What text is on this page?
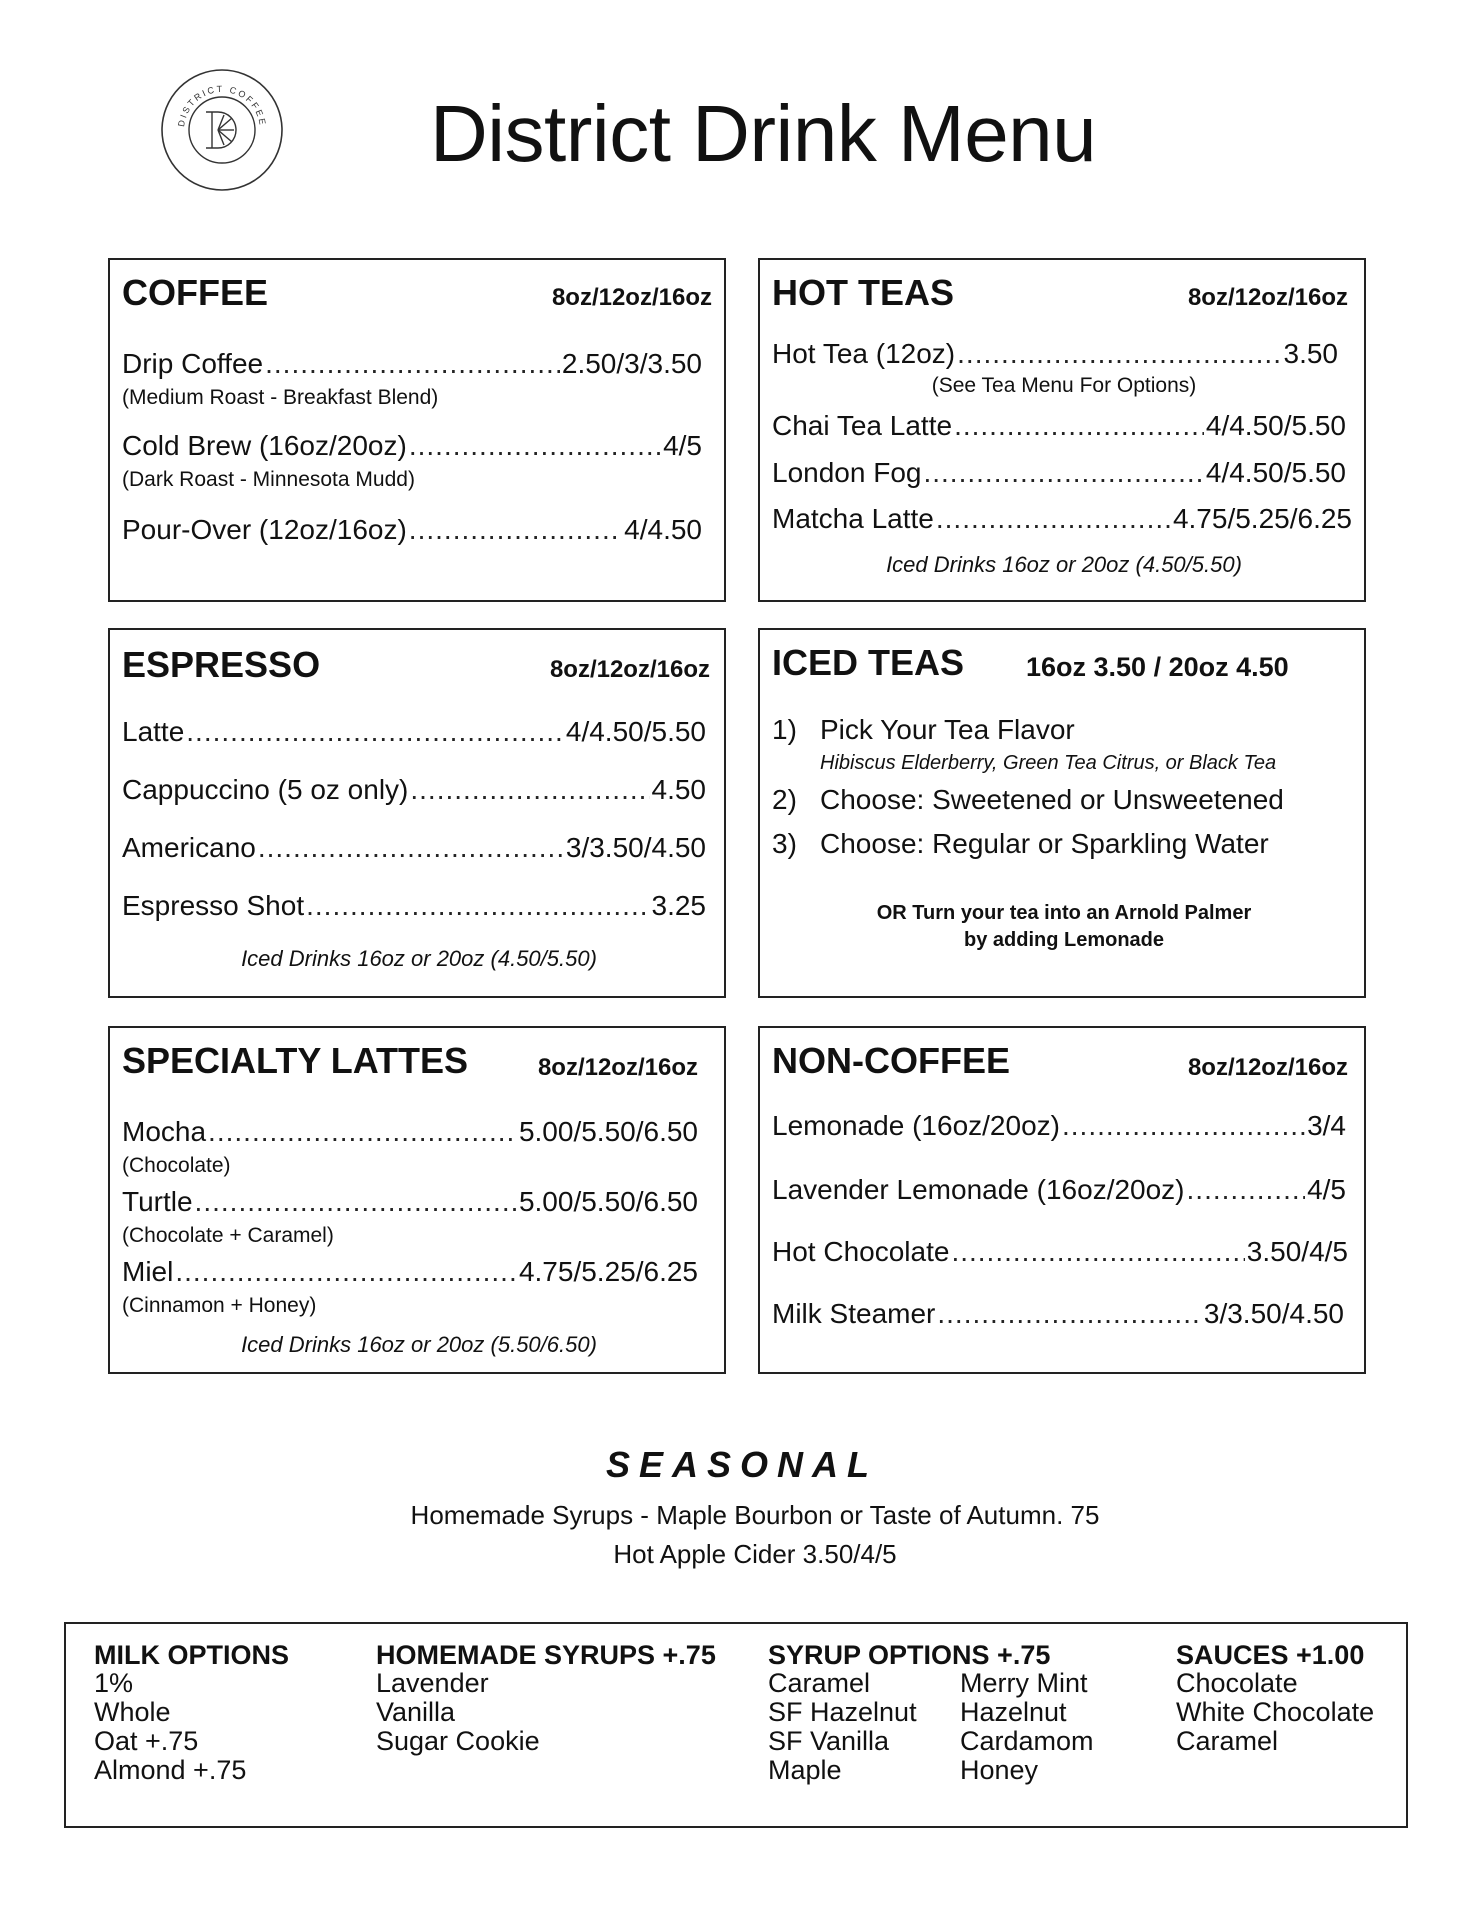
DISTRICT COFFEE
D	District Drink Menu
COFFEE	8oz/12oz/16oz
Drip Coffee .....	2.50/3/3.50
(Medium Roast - Breakfast Blend)
Cold Brew (16oz/20oz) .....	4/5
(Dark Roast - Minnesota Mudd)
Pour-Over (12oz/16oz) .....	4/4.50
HOT TEAS	8oz/12oz/16oz
Hot Tea (12oz) .....	3.50
(See Tea Menu For Options)
Chai Tea Latte .....	4/4.50/5.50
London Fog .....	4/4.50/5.50
Matcha Latte .....	4.75/5.25/6.25
Iced Drinks 16oz or 20oz (4.50/5.50)
ESPRESSO	8oz/12oz/16oz
Latte .....	4/4.50/5.50
Cappuccino (5 oz only) .....	4.50
Americano .....	3/3.50/4.50
Espresso Shot .....	3.25
Iced Drinks 16oz or 20oz (4.50/5.50)
ICED TEAS 16oz 3.50 / 20oz 4.50
1) Pick Your Tea Flavor
Hibiscus Elderberry, Green Tea Citrus, or Black Tea
2) Choose: Sweetened or Unsweetened
3) Choose: Regular or Sparkling Water
OR Turn your tea into an Arnold Palmer
by adding Lemonade
SPECIALTY LATTES	8oz/12oz/16oz
Mocha .....	5.00/5.50/6.50
(Chocolate)
Turtle .....	5.00/5.50/6.50
(Chocolate + Caramel)
Miel .....	4.75/5.25/6.25
(Cinnamon + Honey)
Iced Drinks 16oz or 20oz (5.50/6.50)
NON-COFFEE	8oz/12oz/16oz
Lemonade (16oz/20oz) .....	3/4
Lavender Lemonade (16oz/20oz) .....	4/5
Hot Chocolate .....	3.50/4/5
Milk Steamer .....	3/3.50/4.50
SEASONAL
Homemade Syrups - Maple Bourbon or Taste of Autumn. 75
Hot Apple Cider 3.50/4/5
MILK OPTIONS
1%
Whole
Oat +.75
Almond +.75
HOMEMADE SYRUPS +.75
Lavender
Vanilla
Sugar Cookie
SYRUP OPTIONS +.75
Caramel
SF Hazelnut
SF Vanilla
Maple
Merry Mint
Hazelnut
Cardamom
Honey
SAUCES +1.00
Chocolate
White Chocolate
Caramel
